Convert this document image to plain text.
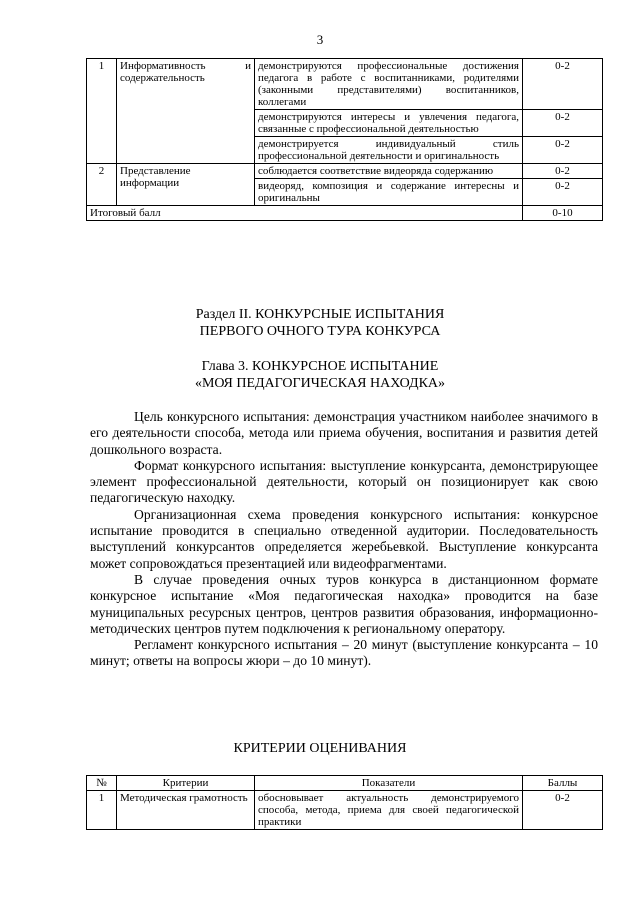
3
1	Информативность и содержательность	демонстрируются профессиональные достижения педагога в работе с воспитанниками, родителями (законными представителями) воспитанников, коллегами	0-2
		демонстрируются интересы и увлечения педагога, связанные с профессиональной деятельностью	0-2
		демонстрируется индивидуальный стиль профессиональной деятельности и оригинальность	0-2
2	Представление информации	соблюдается соответствие видеоряда содержанию	0-2
		видеоряд, композиция и содержание интересны и оригинальны	0-2
Итоговый балл			0-10
Раздел II. КОНКУРСНЫЕ ИСПЫТАНИЯ
ПЕРВОГО ОЧНОГО ТУРА КОНКУРСА
Глава 3. КОНКУРСНОЕ ИСПЫТАНИЕ
«МОЯ ПЕДАГОГИЧЕСКАЯ НАХОДКА»

Цель конкурсного испытания: демонстрация участником наиболее значимого в его деятельности способа, метода или приема обучения, воспитания и развития детей дошкольного возраста.

Формат конкурсного испытания: выступление конкурсанта, демонстрирующее элемент профессиональной деятельности, который он позиционирует как свою педагогическую находку.

Организационная схема проведения конкурсного испытания: конкурсное испытание проводится в специально отведенной аудитории. Последовательность выступлений конкурсантов определяется жеребьевкой. Выступление конкурсанта может сопровождаться презентацией или видеофрагментами.

В случае проведения очных туров конкурса в дистанционном формате конкурсное испытание «Моя педагогическая находка» проводится на базе муниципальных ресурсных центров, центров развития образования, информационно-методических центров путем подключения к региональному оператору.

Регламент конкурсного испытания – 20 минут (выступление конкурсанта – 10 минут; ответы на вопросы жюри – до 10 минут).

КРИТЕРИИ ОЦЕНИВАНИЯ
№	Критерии	Показатели	Баллы
1	Методическая грамотность	обосновывает актуальность демонстрируемого способа, метода, приема для своей педагогической практики	0-2
